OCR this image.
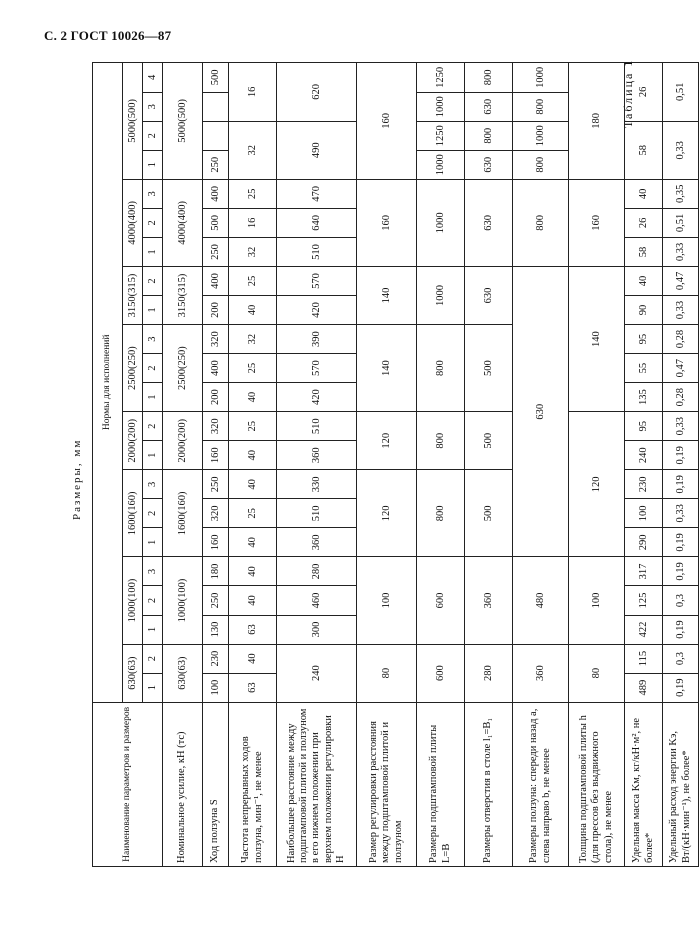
С. 2 ГОСТ 10026—87
Таблица 1
Размеры, мм
Наименование параметров и размеров	Нормы для исполнений																					
	630(63)		1000(100)			1600(160)			2000(200)		2500(250)			3150(315)		4000(400)			5000(500)			
	1	2	1	2	3	1	2	3	1	2	1	2	3	1	2	1	2	3	1	2	3	4
Номинальное усилие, кН (тс)	630(63)		1000(100)			1600(160)			2000(200)		2500(250)			3150(315)		4000(400)			5000(500)			
Ход ползуна S	100	230	130	250	180	160	320	250	160	320	200	400	320	200	400	250	500	400	250			500
Частота непрерывных ходов ползуна, мин⁻¹, не менее	63	40	63	40	40	40	25	40	40	25	40	25	32	40	25	32	16	25	32		16	
Наибольшее расстояние между подштамповой плитой и ползуном в его нижнем положении при верхнем положении регулировки H	240		300	460	280	360	510	330	360	510	420	570	390	420	570	510	640	470	490		620	
Размер регулировки расстояния между подштамповой плитой и ползуном	80		100			120			120		140			140		160			160			
Размеры подштамповой плиты L=B	600		600			800			800		800			1000		1000			1000	1250	1000	1250
Размеры отверстия в столе l₁=B₁	280		360			500			500		500			630		630			630	800	630	800
Размеры ползуна: спереди назад a, слева направо b, не менее	360		480			630										800			800	1000	800	1000
Толщина подштамповой плиты h (для прессов без выдвижного стола), не менее	80		100			120					140					160			180			
Удельная масса Kм, кг/кН·м², не более*	489	115	422	125	317	290	100	230	240	95	135	55	95	90	40	58	26	40	58		26	
Удельный расход энергии Kэ, Вт/(кН·мин⁻¹), не более*	0,19	0,3	0,19	0,3	0,19	0,19	0,33	0,19	0,19	0,33	0,28	0,47	0,28	0,33	0,47	0,33	0,51	0,35	0,33		0,51	
